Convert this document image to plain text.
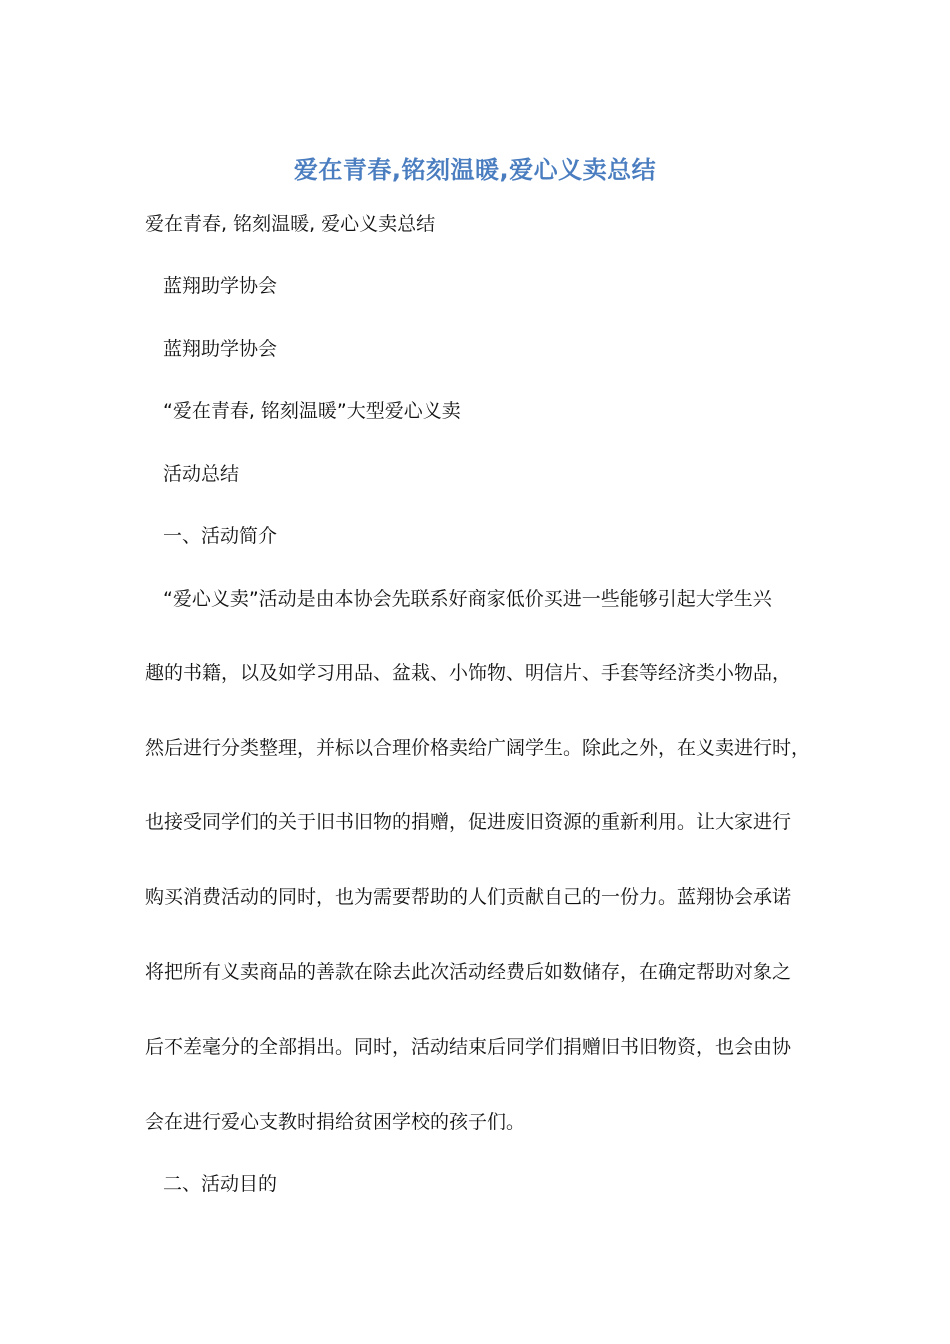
爱在青春,铭刻温暖,爱心义卖总结

爱在青春, 铭刻温暖, 爱心义卖总结

蓝翔助学协会

蓝翔助学协会

“爱在青春, 铭刻温暖”大型爱心义卖

活动总结

一、活动简介

“爱心义卖”活动是由本协会先联系好商家低价买进一些能够引起大学生兴

趣的书籍，以及如学习用品、盆栽、小饰物、明信片、手套等经济类小物品，

然后进行分类整理，并标以合理价格卖给广阔学生。除此之外，在义卖进行时，

也接受同学们的关于旧书旧物的捐赠，促进废旧资源的重新利用。让大家进行

购买消费活动的同时，也为需要帮助的人们贡献自己的一份力。蓝翔协会承诺

将把所有义卖商品的善款在除去此次活动经费后如数储存，在确定帮助对象之

后不差毫分的全部捐出。同时，活动结束后同学们捐赠旧书旧物资，也会由协

会在进行爱心支教时捐给贫困学校的孩子们。

二、活动目的
